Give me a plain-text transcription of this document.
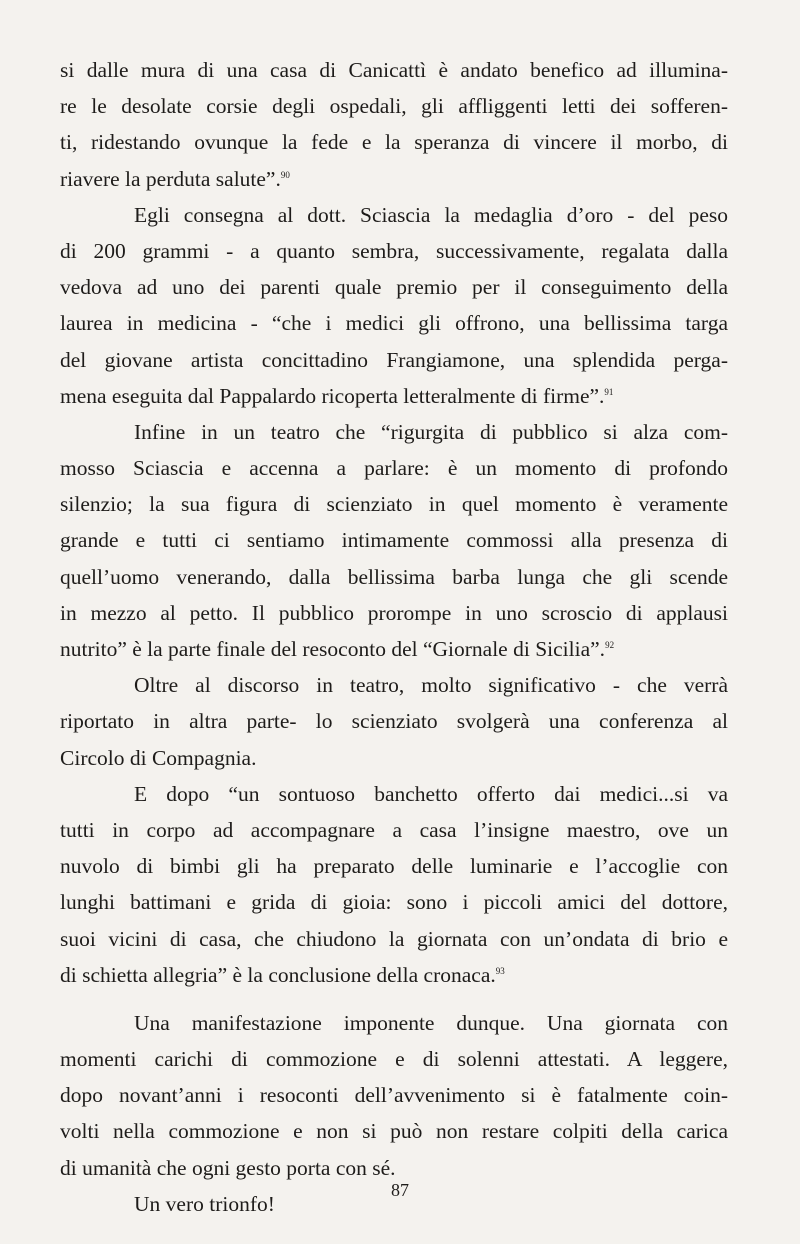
si dalle mura di una casa di Canicattì è andato benefico ad illumina-
re le desolate corsie degli ospedali, gli affliggenti letti dei sofferen-
ti, ridestando ovunque la fede e la speranza di vincere il morbo, di
riavere la perduta salute”.$^{90}$
Egli consegna al dott. Sciascia la medaglia d’oro - del peso
di 200 grammi - a quanto sembra, successivamente, regalata dalla
vedova ad uno dei parenti quale premio per il conseguimento della
laurea in medicina - “che i medici gli offrono, una bellissima targa
del giovane artista concittadino Frangiamone, una splendida perga-
mena eseguita dal Pappalardo ricoperta letteralmente di firme”.$^{91}$
Infine in un teatro che “rigurgita di pubblico si alza com-
mosso Sciascia e accenna a parlare: è un momento di profondo
silenzio; la sua figura di scienziato in quel momento è veramente
grande e tutti ci sentiamo intimamente commossi alla presenza di
quell’uomo venerando, dalla bellissima barba lunga che gli scende
in mezzo al petto. Il pubblico prorompe in uno scroscio di applausi
nutrito” è la parte finale del resoconto del “Giornale di Sicilia”.$^{92}$
Oltre al discorso in teatro, molto significativo - che verrà
riportato in altra parte- lo scienziato svolgerà una conferenza al
Circolo di Compagnia.
E dopo “un sontuoso banchetto offerto dai medici...si va
tutti in corpo ad accompagnare a casa l’insigne maestro, ove un
nuvolo di bimbi gli ha preparato delle luminarie e l’accoglie con
lunghi battimani e grida di gioia: sono i piccoli amici del dottore,
suoi vicini di casa, che chiudono la giornata con un’ondata di brio e
di schietta allegria” è la conclusione della cronaca.$^{93}$
Una manifestazione imponente dunque. Una giornata con
momenti carichi di commozione e di solenni attestati. A leggere,
dopo novant’anni i resoconti dell’avvenimento si è fatalmente coin-
volti nella commozione e non si può non restare colpiti della carica
di umanità che ogni gesto porta con sé.
Un vero trionfo!
87
